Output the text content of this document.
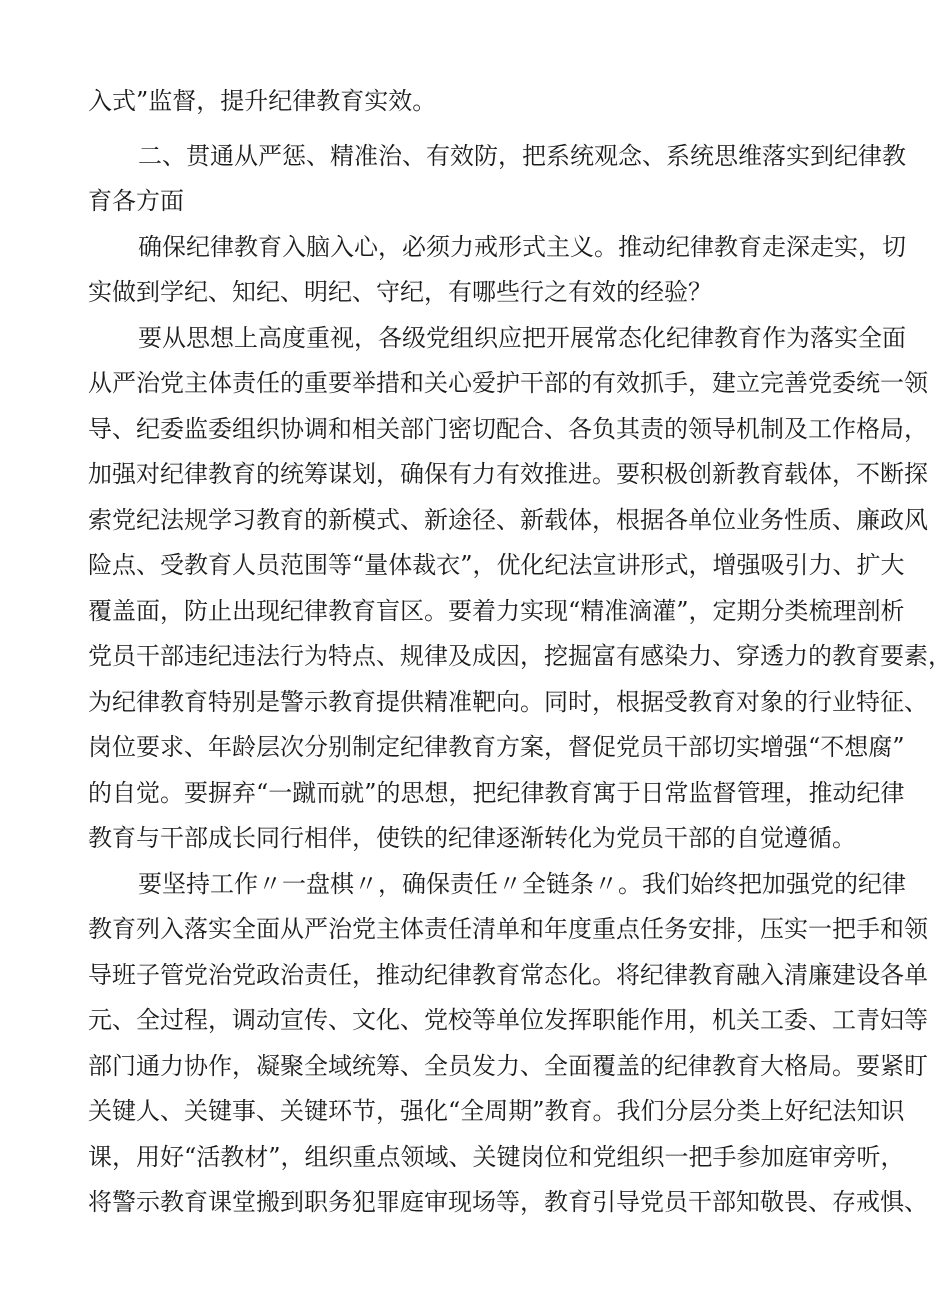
入式”监督，提升纪律教育实效。
二、贯通从严惩、精准治、有效防，把系统观念、系统思维落实到纪律教
育各方面
确保纪律教育入脑入心，必须力戒形式主义。推动纪律教育走深走实，切
实做到学纪、知纪、明纪、守纪，有哪些行之有效的经验？
要从思想上高度重视，各级党组织应把开展常态化纪律教育作为落实全面
从严治党主体责任的重要举措和关心爱护干部的有效抓手，建立完善党委统一领
导、纪委监委组织协调和相关部门密切配合、各负其责的领导机制及工作格局，
加强对纪律教育的统筹谋划，确保有力有效推进。要积极创新教育载体，不断探
索党纪法规学习教育的新模式、新途径、新载体，根据各单位业务性质、廉政风
险点、受教育人员范围等“量体裁衣”，优化纪法宣讲形式，增强吸引力、扩大
覆盖面，防止出现纪律教育盲区。要着力实现“精准滴灌”，定期分类梳理剖析
党员干部违纪违法行为特点、规律及成因，挖掘富有感染力、穿透力的教育要素，
为纪律教育特别是警示教育提供精准靶向。同时，根据受教育对象的行业特征、
岗位要求、年龄层次分别制定纪律教育方案，督促党员干部切实增强“不想腐”
的自觉。要摒弃“一蹴而就”的思想，把纪律教育寓于日常监督管理，推动纪律
教育与干部成长同行相伴，使铁的纪律逐渐转化为党员干部的自觉遵循。
要坚持工作〃一盘棋〃，确保责任〃全链条〃。我们始终把加强党的纪律
教育列入落实全面从严治党主体责任清单和年度重点任务安排，压实一把手和领
导班子管党治党政治责任，推动纪律教育常态化。将纪律教育融入清廉建设各单
元、全过程，调动宣传、文化、党校等单位发挥职能作用，机关工委、工青妇等
部门通力协作，凝聚全域统筹、全员发力、全面覆盖的纪律教育大格局。要紧盯
关键人、关键事、关键环节，强化“全周期”教育。我们分层分类上好纪法知识
课，用好“活教材”，组织重点领域、关键岗位和党组织一把手参加庭审旁听，
将警示教育课堂搬到职务犯罪庭审现场等，教育引导党员干部知敬畏、存戒惧、
